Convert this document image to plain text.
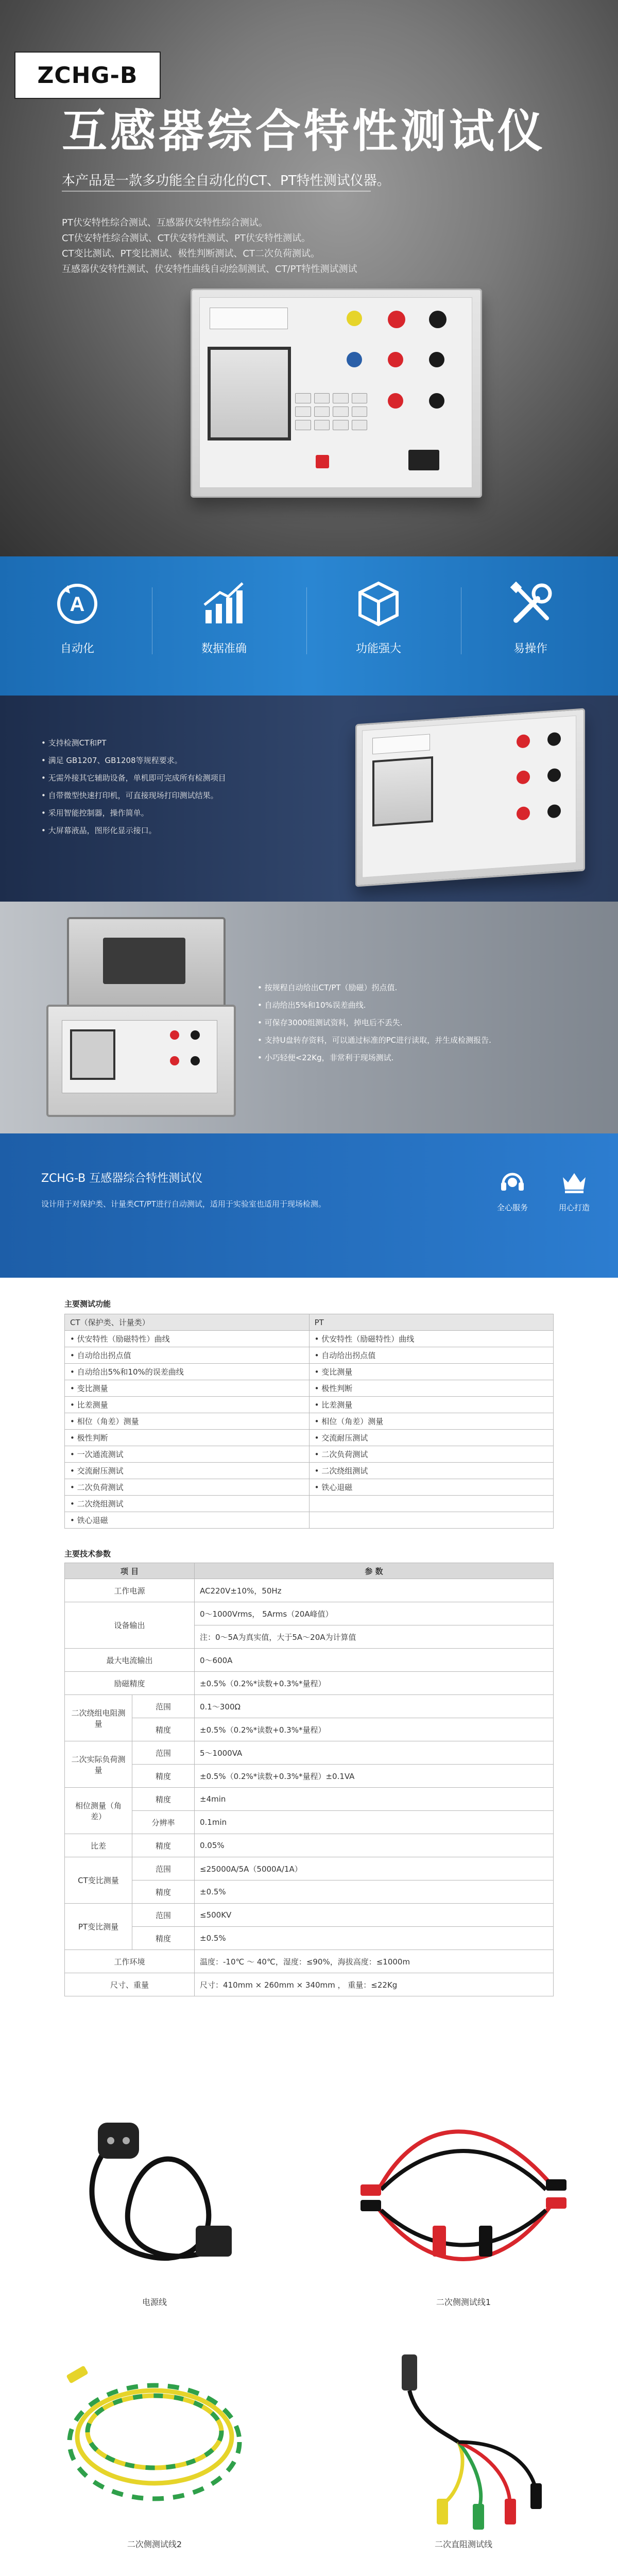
ZCHG-B
互感器综合特性测试仪
本产品是一款多功能全自动化的CT、PT特性测试仪器。
PT伏安特性综合测试、互感器伏安特性综合测试。
CT伏安特性综合测试、CT伏安特性测试、PT伏安特性测试。
CT变比测试、PT变比测试、极性判断测试、CT二次负荷测试。
互感器伏安特性测试、伏安特性曲线自动绘制测试、CT/PT特性测试测试
A
自动化	数据准确	功能强大	易操作
• 支持检测CT和PT
• 满足 GB1207、GB1208等规程要求。
• 无需外接其它辅助设备，单机即可完成所有检测项目
• 自带微型快速打印机，可直接现场打印测试结果。
• 采用智能控制器，操作简单。
• 大屏幕液晶，图形化显示接口。
• 按规程自动给出CT/PT（励磁）拐点值.
• 自动给出5%和10%误差曲线.
• 可保存3000组测试资料，掉电后不丢失.
• 支持U盘转存资料，可以通过标准的PC进行读取，并生成检测报告.
• 小巧轻便<22Kg，非常利于现场测试.
ZCHG-B 互感器综合特性测试仪
设计用于对保护类、计量类CT/PT进行自动测试，适用于实验室也适用于现场检测。	全心服务	用心打造
主要测试功能
CT（保护类、计量类）	PT
• 伏安特性（励磁特性）曲线	• 伏安特性（励磁特性）曲线
• 自动给出拐点值	• 自动给出拐点值
• 自动给出5%和10%的误差曲线	• 变比测量
• 变比测量	• 极性判断
• 比差测量	• 比差测量
• 相位（角差）测量	• 相位（角差）测量
• 极性判断	• 交流耐压测试
• 一次通流测试	• 二次负荷测试
• 交流耐压测试	• 二次绕组测试
• 二次负荷测试	• 铁心退磁
• 二次绕组测试	
• 铁心退磁	
主要技术参数
项 目		参 数
工作电源		AC220V±10%，50Hz
设备输出		0～1000Vrms， 5Arms（20A峰值）
		注：0～5A为真实值，大于5A～20A为计算值
最大电流输出		0～600A
励磁精度		±0.5%（0.2%*读数+0.3%*量程）
二次绕组电阻测量	范围	0.1～300Ω
	精度	±0.5%（0.2%*读数+0.3%*量程）
二次实际负荷测量	范围	5～1000VA
	精度	±0.5%（0.2%*读数+0.3%*量程）±0.1VA
相位测量（角差）	精度	±4min
	分辨率	0.1min
比差	精度	0.05%
CT变比测量	范围	≤25000A/5A（5000A/1A）
	精度	±0.5%
PT变比测量	范围	≤500KV
	精度	±0.5%
工作环境		温度：-10℃ ～ 40℃，湿度：≤90%，海拔高度：≤1000m
尺寸、重量		尺寸：410mm × 260mm × 340mm ， 重量：≤22Kg
电源线	二次侧测试线1
二次侧测试线2	二次直阻测试线
